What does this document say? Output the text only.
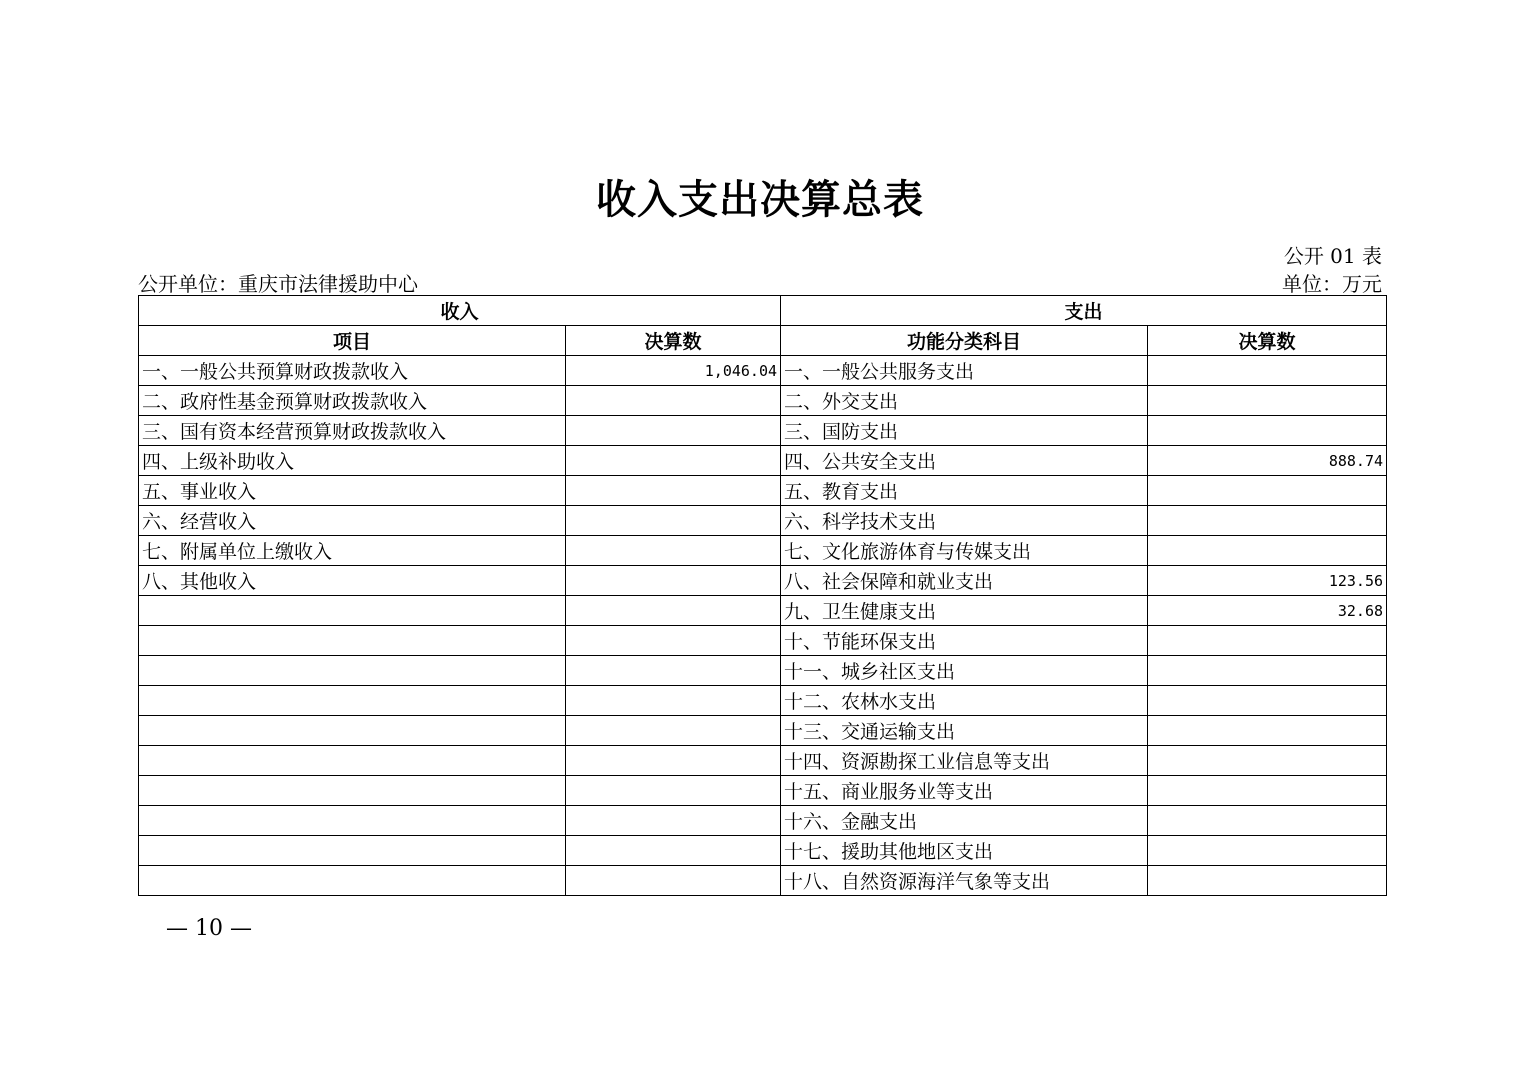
收入支出决算总表
公开 01 表
公开单位：重庆市法律援助中心	单位：万元
收入		支出	
项目	决算数	功能分类科目	决算数
一、一般公共预算财政拨款收入	1,046.04	一、一般公共服务支出	
二、政府性基金预算财政拨款收入		二、外交支出	
三、国有资本经营预算财政拨款收入		三、国防支出	
四、上级补助收入		四、公共安全支出	888.74
五、事业收入		五、教育支出	
六、经营收入		六、科学技术支出	
七、附属单位上缴收入		七、文化旅游体育与传媒支出	
八、其他收入		八、社会保障和就业支出	123.56
		九、卫生健康支出	32.68
		十、节能环保支出	
		十一、城乡社区支出	
		十二、农林水支出	
		十三、交通运输支出	
		十四、资源勘探工业信息等支出	
		十五、商业服务业等支出	
		十六、金融支出	
		十七、援助其他地区支出	
		十八、自然资源海洋气象等支出	
— 10 —
